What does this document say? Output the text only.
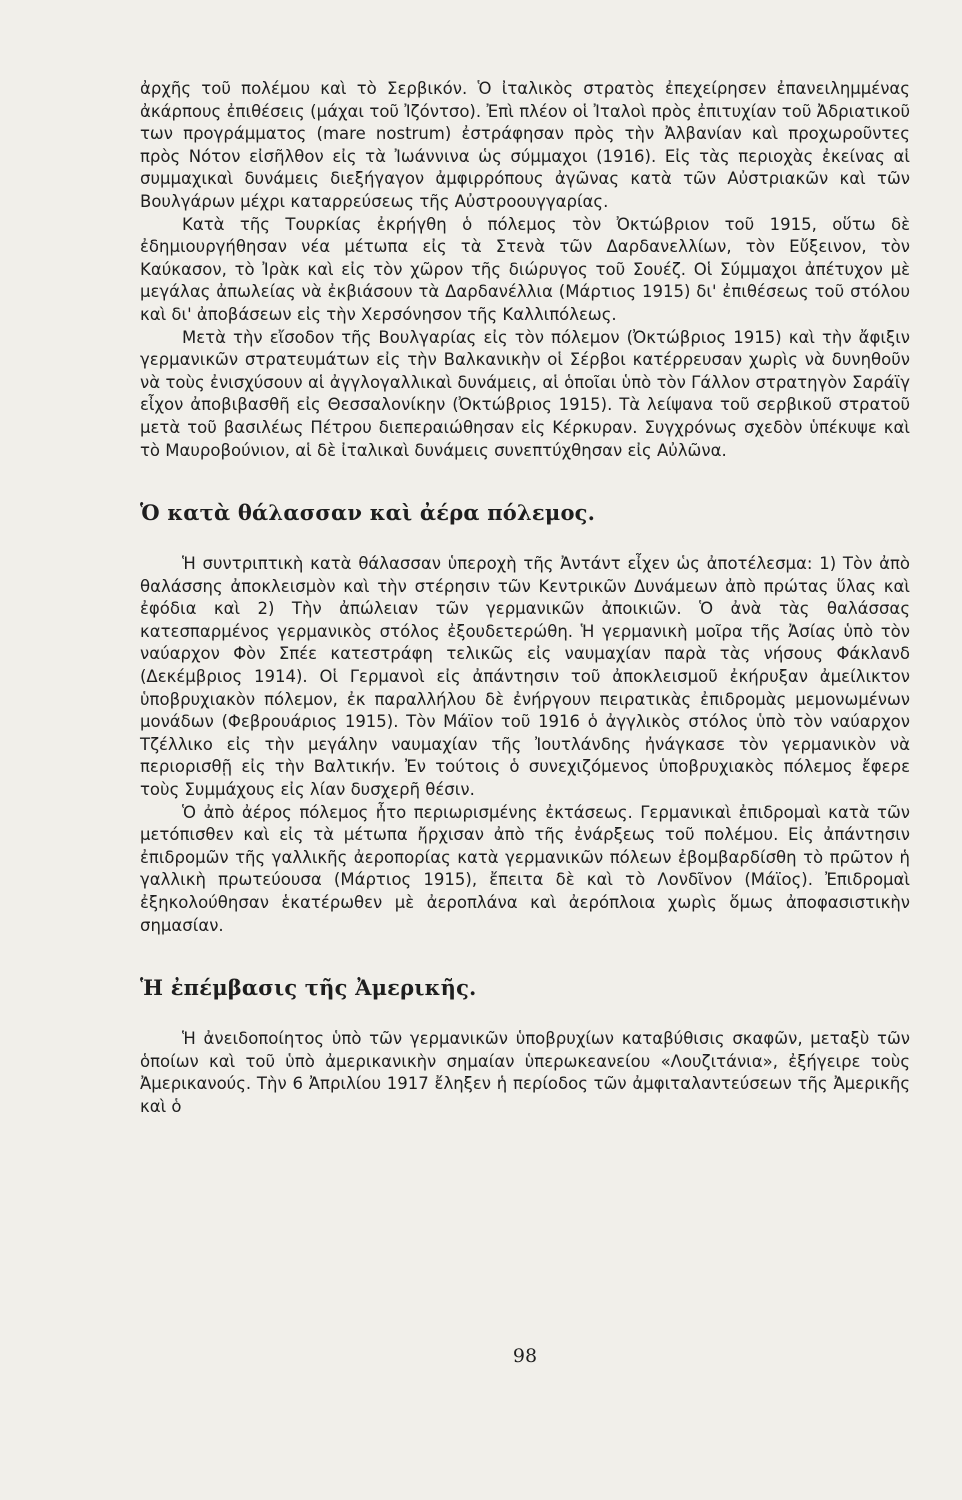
ἀρχῆς τοῦ πολέμου καὶ τὸ Σερβικόν. Ὁ ἰταλικὸς στρατὸς ἐπεχείρησεν ἐπανειλημμένας ἀκάρπους ἐπιθέσεις (μάχαι τοῦ Ἰζόντσο). Ἐπὶ πλέον οἱ Ἰταλοὶ πρὸς ἐπιτυχίαν τοῦ Ἀδριατικοῦ των προγράμματος (mare nostrum) ἐστράφησαν πρὸς τὴν Ἀλβανίαν καὶ προχωροῦντες πρὸς Νότον εἰσῆλθον εἰς τὰ Ἰωάννινα ὡς σύμμαχοι (1916). Εἰς τὰς περιοχὰς ἐκείνας αἱ συμμαχικαὶ δυνάμεις διεξήγαγον ἀμφιρρόπους ἀγῶνας κατὰ τῶν Αὐστριακῶν καὶ τῶν Βουλγάρων μέχρι καταρρεύσεως τῆς Αὐστροουγγαρίας.

Κατὰ τῆς Τουρκίας ἐκρήγθη ὁ πόλεμος τὸν Ὀκτώβριον τοῦ 1915, οὕτω δὲ ἐδημιουργήθησαν νέα μέτωπα εἰς τὰ Στενὰ τῶν Δαρδανελλίων, τὸν Εὔξεινον, τὸν Καύκασον, τὸ Ἰρὰκ καὶ εἰς τὸν χῶρον τῆς διώρυγος τοῦ Σουέζ. Οἱ Σύμμαχοι ἀπέτυχον μὲ μεγάλας ἀπωλείας νὰ ἐκβιάσουν τὰ Δαρδανέλλια (Μάρτιος 1915) δι' ἐπιθέσεως τοῦ στόλου καὶ δι' ἀποβάσεων εἰς τὴν Χερσόνησον τῆς Καλλιπόλεως.

Μετὰ τὴν εἴσοδον τῆς Βουλγαρίας εἰς τὸν πόλεμον (Ὀκτώβριος 1915) καὶ τὴν ἄφιξιν γερμανικῶν στρατευμάτων εἰς τὴν Βαλκανικὴν οἱ Σέρβοι κατέρρευσαν χωρὶς νὰ δυνηθοῦν νὰ τοὺς ἐνισχύσουν αἱ ἀγγλογαλλικαὶ δυνάμεις, αἱ ὁποῖαι ὑπὸ τὸν Γάλλον στρατηγὸν Σαράϊγ εἶχον ἀποβιβασθῆ εἰς Θεσσαλονίκην (Ὀκτώβριος 1915). Τὰ λείψανα τοῦ σερβικοῦ στρατοῦ μετὰ τοῦ βασιλέως Πέτρου διεπεραιώθησαν εἰς Κέρκυραν. Συγχρόνως σχεδὸν ὑπέκυψε καὶ τὸ Μαυροβούνιον, αἱ δὲ ἰταλικαὶ δυνάμεις συνεπτύχθησαν εἰς Αὐλῶνα.

Ὁ κατὰ θάλασσαν καὶ ἀέρα πόλεμος.

Ἡ συντριπτικὴ κατὰ θάλασσαν ὑπεροχὴ τῆς Ἀντάντ εἶχεν ὡς ἀποτέλεσμα: 1) Τὸν ἀπὸ θαλάσσης ἀποκλεισμὸν καὶ τὴν στέρησιν τῶν Κεντρικῶν Δυνάμεων ἀπὸ πρώτας ὕλας καὶ ἐφόδια καὶ 2) Τὴν ἀπώλειαν τῶν γερμανικῶν ἀποικιῶν. Ὁ ἀνὰ τὰς θαλάσσας κατεσπαρμένος γερμανικὸς στόλος ἐξουδετερώθη. Ἡ γερμανικὴ μοῖρα τῆς Ἀσίας ὑπὸ τὸν ναύαρχον Φὸν Σπέε κατεστράφη τελικῶς εἰς ναυμαχίαν παρὰ τὰς νήσους Φάκλανδ (Δεκέμβριος 1914). Οἱ Γερμανοὶ εἰς ἀπάντησιν τοῦ ἀποκλεισμοῦ ἐκήρυξαν ἀμείλικτον ὑποβρυχιακὸν πόλεμον, ἐκ παραλλήλου δὲ ἐνήργουν πειρατικὰς ἐπιδρομὰς μεμονωμένων μονάδων (Φεβρουάριος 1915). Τὸν Μάϊον τοῦ 1916 ὁ ἀγγλικὸς στόλος ὑπὸ τὸν ναύαρχον Τζέλλικο εἰς τὴν μεγάλην ναυμαχίαν τῆς Ἰουτλάνδης ἠνάγκασε τὸν γερμανικὸν νὰ περιορισθῇ εἰς τὴν Βαλτικήν. Ἐν τούτοις ὁ συνεχιζόμενος ὑποβρυχιακὸς πόλεμος ἔφερε τοὺς Συμμάχους εἰς λίαν δυσχερῆ θέσιν.

Ὁ ἀπὸ ἀέρος πόλεμος ἦτο περιωρισμένης ἐκτάσεως. Γερμανικαὶ ἐπιδρομαὶ κατὰ τῶν μετόπισθεν καὶ εἰς τὰ μέτωπα ἤρχισαν ἀπὸ τῆς ἐνάρξεως τοῦ πολέμου. Εἰς ἀπάντησιν ἐπιδρομῶν τῆς γαλλικῆς ἀεροπορίας κατὰ γερμανικῶν πόλεων ἐβομβαρδίσθη τὸ πρῶτον ἡ γαλλικὴ πρωτεύουσα (Μάρτιος 1915), ἔπειτα δὲ καὶ τὸ Λονδῖνον (Μάϊος). Ἐπιδρομαὶ ἐξηκολούθησαν ἑκατέρωθεν μὲ ἀεροπλάνα καὶ ἀερόπλοια χωρὶς ὅμως ἀποφασιστικὴν σημασίαν.

Ἡ ἐπέμβασις τῆς Ἀμερικῆς.

Ἡ ἀνειδοποίητος ὑπὸ τῶν γερμανικῶν ὑποβρυχίων καταβύθισις σκαφῶν, μεταξὺ τῶν ὁποίων καὶ τοῦ ὑπὸ ἀμερικανικὴν σημαίαν ὑπερωκεανείου «Λουζιτάνια», ἐξήγειρε τοὺς Ἀμερικανούς. Τὴν 6 Ἀπριλίου 1917 ἔληξεν ἡ περίοδος τῶν ἀμφιταλαντεύσεων τῆς Ἀμερικῆς καὶ ὁ

98
